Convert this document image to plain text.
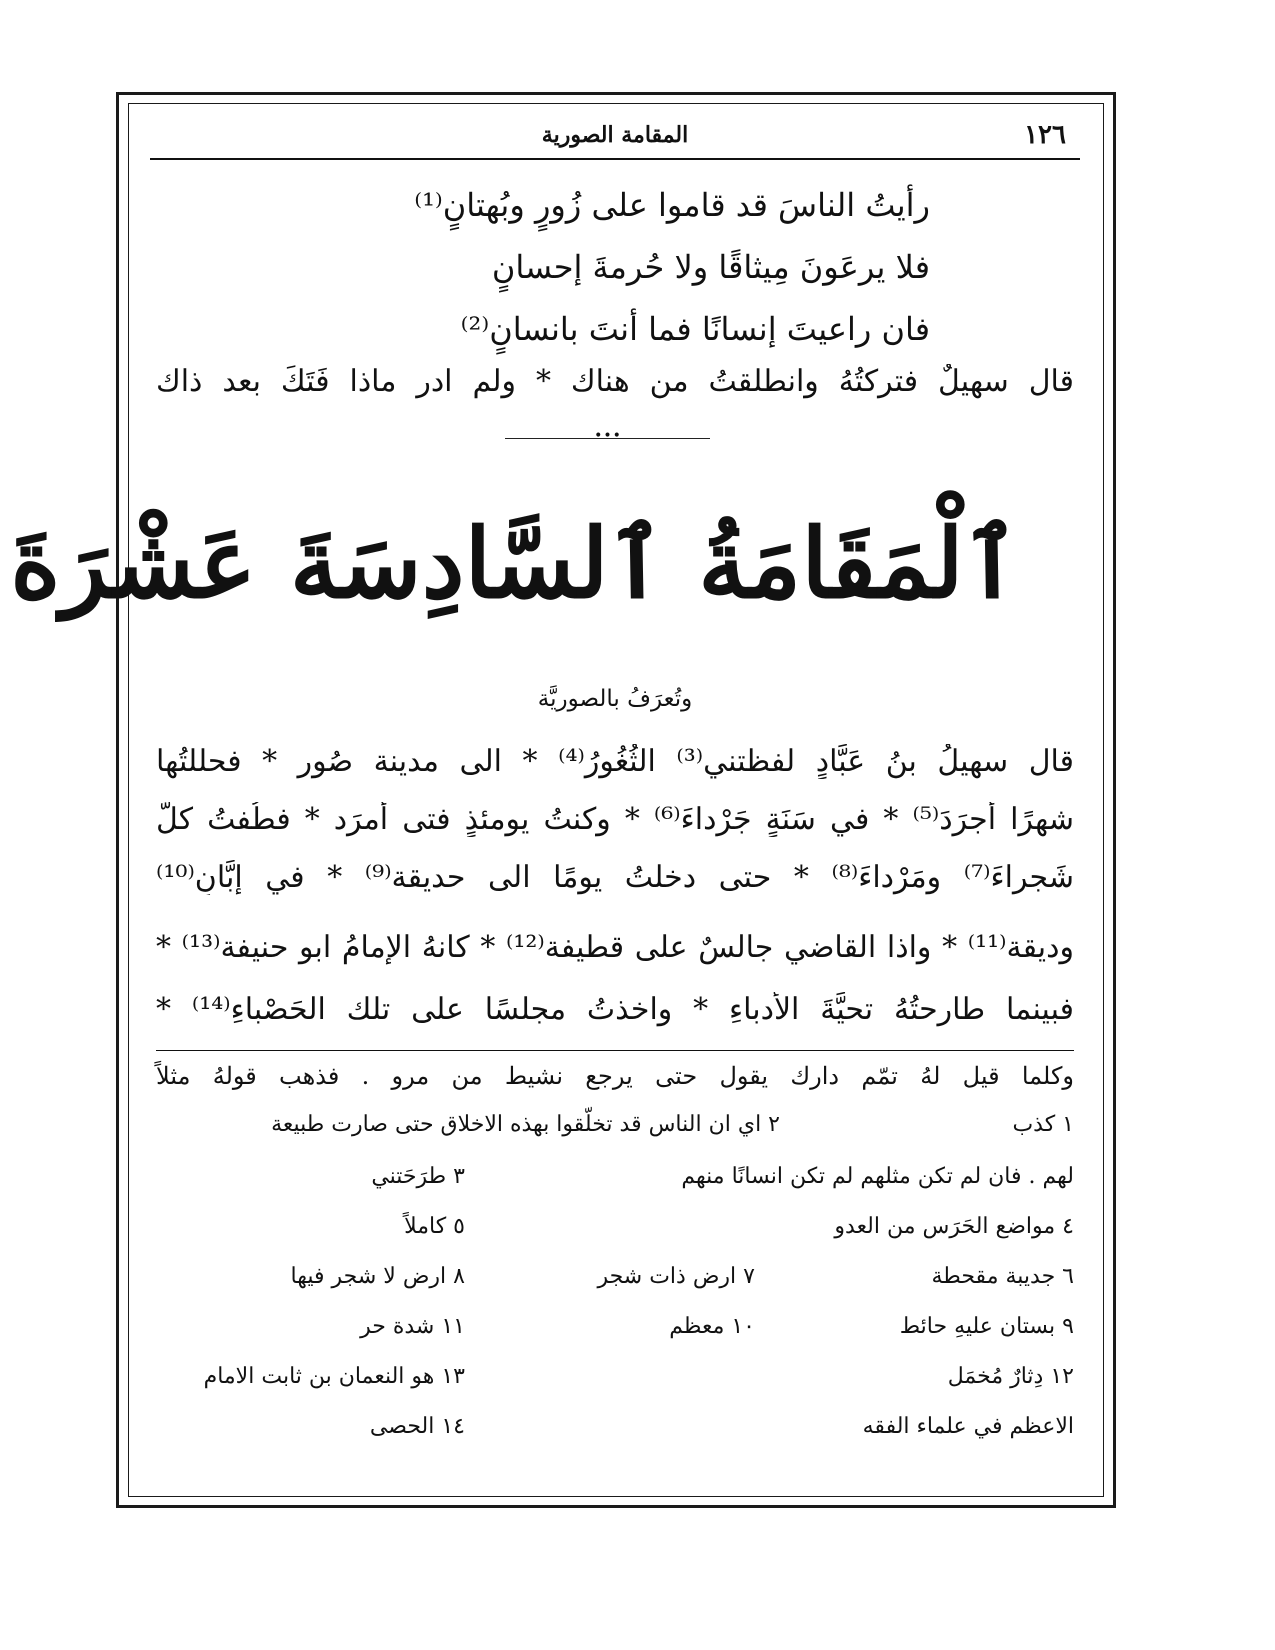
١٢٦
المقامة الصورية
رأيتُ الناسَ قد قاموا على زُورٍ وبُهتانٍ⁽¹⁾
فلا يرعَونَ مِيثاقًا ولا حُرمةَ إحسانٍ
فان راعيتَ إنسانًا فما أنتَ بانسانٍ⁽²⁾
قال سهيلٌ فتركتُهُ وانطلقتُ من هناك * ولم ادرِ ماذا فَتَكَ بعد ذاك
•••
ٱلْمَقَامَةُ ٱلسَّادِسَةَ عَشْرَةَ
وتُعرَفُ بالصوريَّة
قال سهيلُ بنُ عَبَّادٍ لفظتني⁽³⁾ الثُغُورُ⁽⁴⁾ * الى مدينة صُور * فحللتُها
شهرًا أَجرَدَ⁽⁵⁾ * في سَنَةٍ جَرْداءَ⁽⁶⁾ * وكنتُ يومئذٍ فتى أَمرَد * فطُفتُ كلَّ
شَجراءَ⁽⁷⁾ ومَرْداءَ⁽⁸⁾ * حتى دخلتُ يومًا الى حديقة⁽⁹⁾ * في إبَّانِ⁽¹⁰⁾
وديقة⁽¹¹⁾ * واذا القاضي جالسٌ على قطيفة⁽¹²⁾ * كانهُ الإمامُ ابو حنيفة⁽¹³⁾ *
فبينما طارحتُهُ تحيَّةَ الأُدباءِ * واخذتُ مجلسًا على تلك الحَصْباءِ⁽¹⁴⁾ *
وكلما قيل لهُ تمّم دارك يقول حتى يرجع نشيط من مرو . فذهب قولهُ مثلاً
١ كذب
٢ اي ان الناس قد تخلّقوا بهذه الاخلاق حتى صارت طبيعة
لهم . فان لم تكن مثلهم لم تكن انسانًا منهم
٣ طرَحَتني
٤ مواضع الحَرَس من العدو
٥ كاملاً
٦ جديبة مقحطة
٧ ارض ذات شجر
٨ ارض لا شجر فيها
٩ بستان عليهِ حائط
١٠ معظم
١١ شدة حر
١٢ دِثارٌ مُخمَل
١٣ هو النعمان بن ثابت الامام
الاعظم في علماء الفقه
١٤ الحصى
